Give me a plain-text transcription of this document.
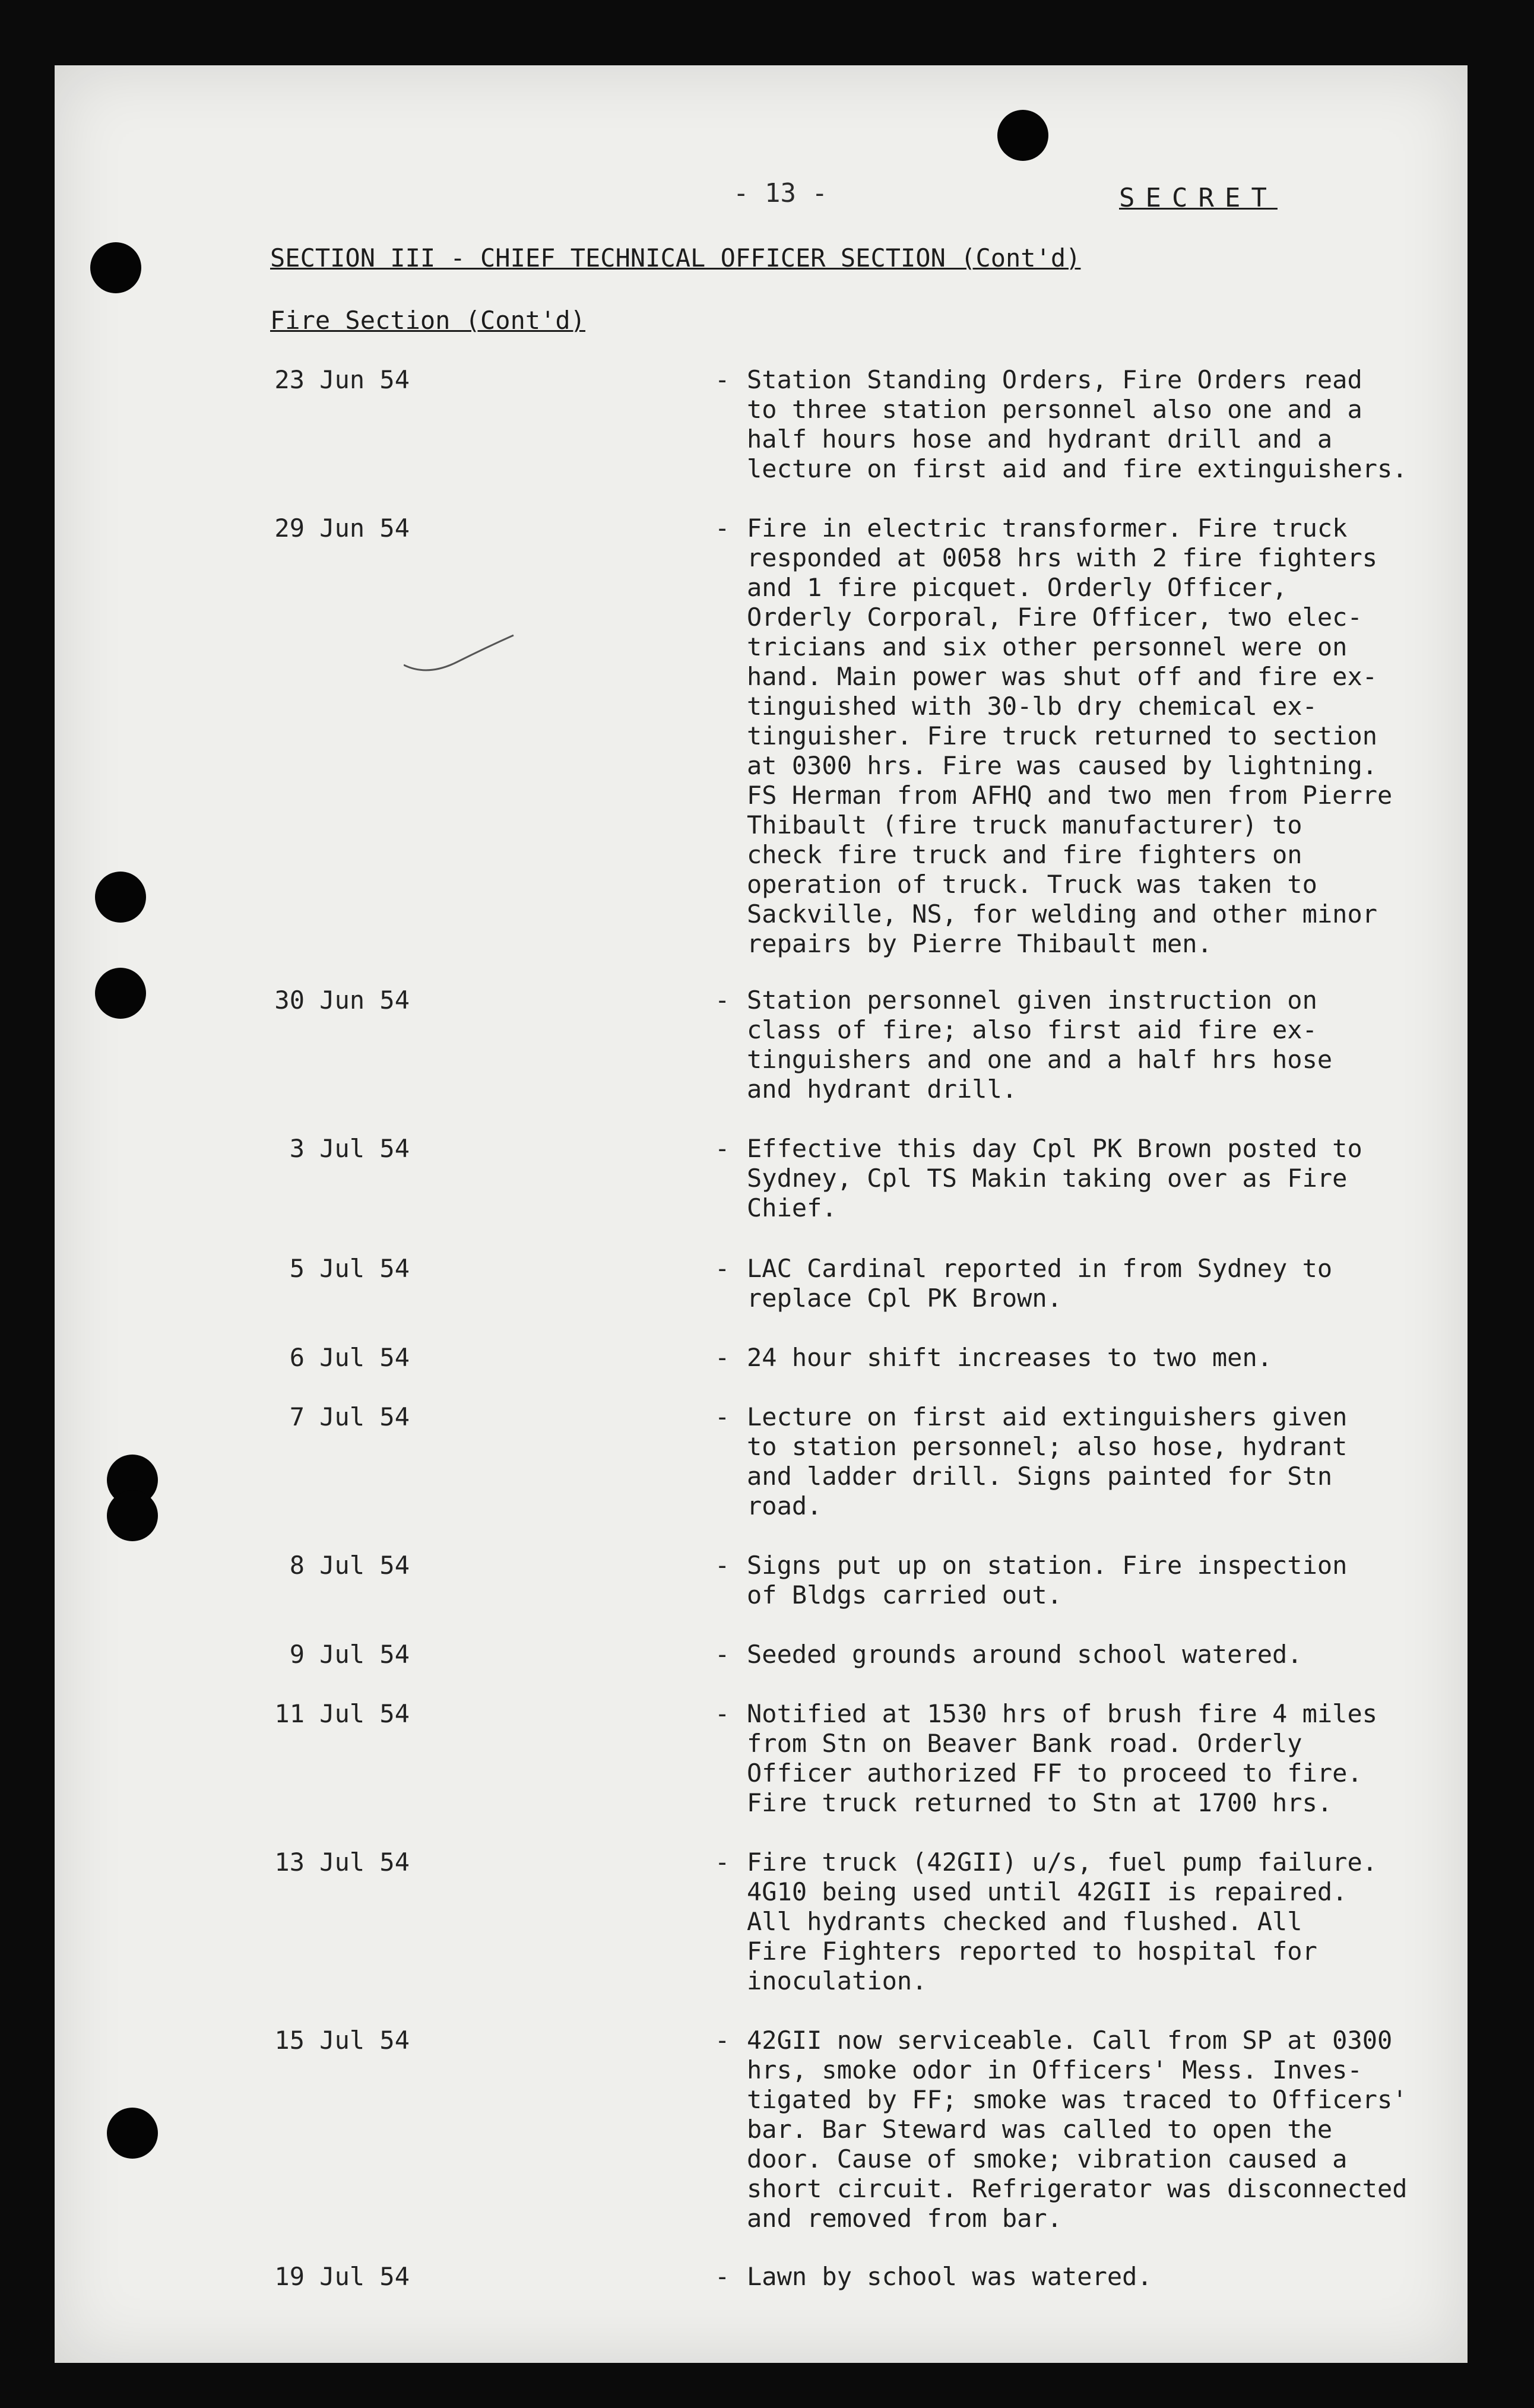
- 13 -	SECRET
SECTION III - CHIEF TECHNICAL OFFICER SECTION (Cont'd)
Fire Section (Cont'd)
23 Jun 54	- Station Standing Orders, Fire Orders read
to three station personnel also one and a
half hours hose and hydrant drill and a
lecture on first aid and fire extinguishers.
29 Jun 54	- Fire in electric transformer. Fire truck
responded at 0058 hrs with 2 fire fighters
and 1 fire picquet. Orderly Officer,
Orderly Corporal, Fire Officer, two elec-
tricians and six other personnel were on
hand. Main power was shut off and fire ex-
tinguished with 30-lb dry chemical ex-
tinguisher. Fire truck returned to section
at 0300 hrs. Fire was caused by lightning.
FS Herman from AFHQ and two men from Pierre
Thibault (fire truck manufacturer) to
check fire truck and fire fighters on
operation of truck. Truck was taken to
Sackville, NS, for welding and other minor
repairs by Pierre Thibault men.
30 Jun 54	- Station personnel given instruction on
class of fire; also first aid fire ex-
tinguishers and one and a half hrs hose
and hydrant drill.
3 Jul 54	- Effective this day Cpl PK Brown posted to
Sydney, Cpl TS Makin taking over as Fire
Chief.
5 Jul 54	- LAC Cardinal reported in from Sydney to
replace Cpl PK Brown.
6 Jul 54	- 24 hour shift increases to two men.
7 Jul 54	- Lecture on first aid extinguishers given
to station personnel; also hose, hydrant
and ladder drill. Signs painted for Stn
road.
8 Jul 54	- Signs put up on station. Fire inspection
of Bldgs carried out.
9 Jul 54	- Seeded grounds around school watered.
11 Jul 54	- Notified at 1530 hrs of brush fire 4 miles
from Stn on Beaver Bank road. Orderly
Officer authorized FF to proceed to fire.
Fire truck returned to Stn at 1700 hrs.
13 Jul 54	- Fire truck (42GII) u/s, fuel pump failure.
4G10 being used until 42GII is repaired.
All hydrants checked and flushed. All
Fire Fighters reported to hospital for
inoculation.
15 Jul 54	- 42GII now serviceable. Call from SP at 0300
hrs, smoke odor in Officers' Mess. Inves-
tigated by FF; smoke was traced to Officers'
bar. Bar Steward was called to open the
door. Cause of smoke; vibration caused a
short circuit. Refrigerator was disconnected
and removed from bar.
19 Jul 54	- Lawn by school was watered.
